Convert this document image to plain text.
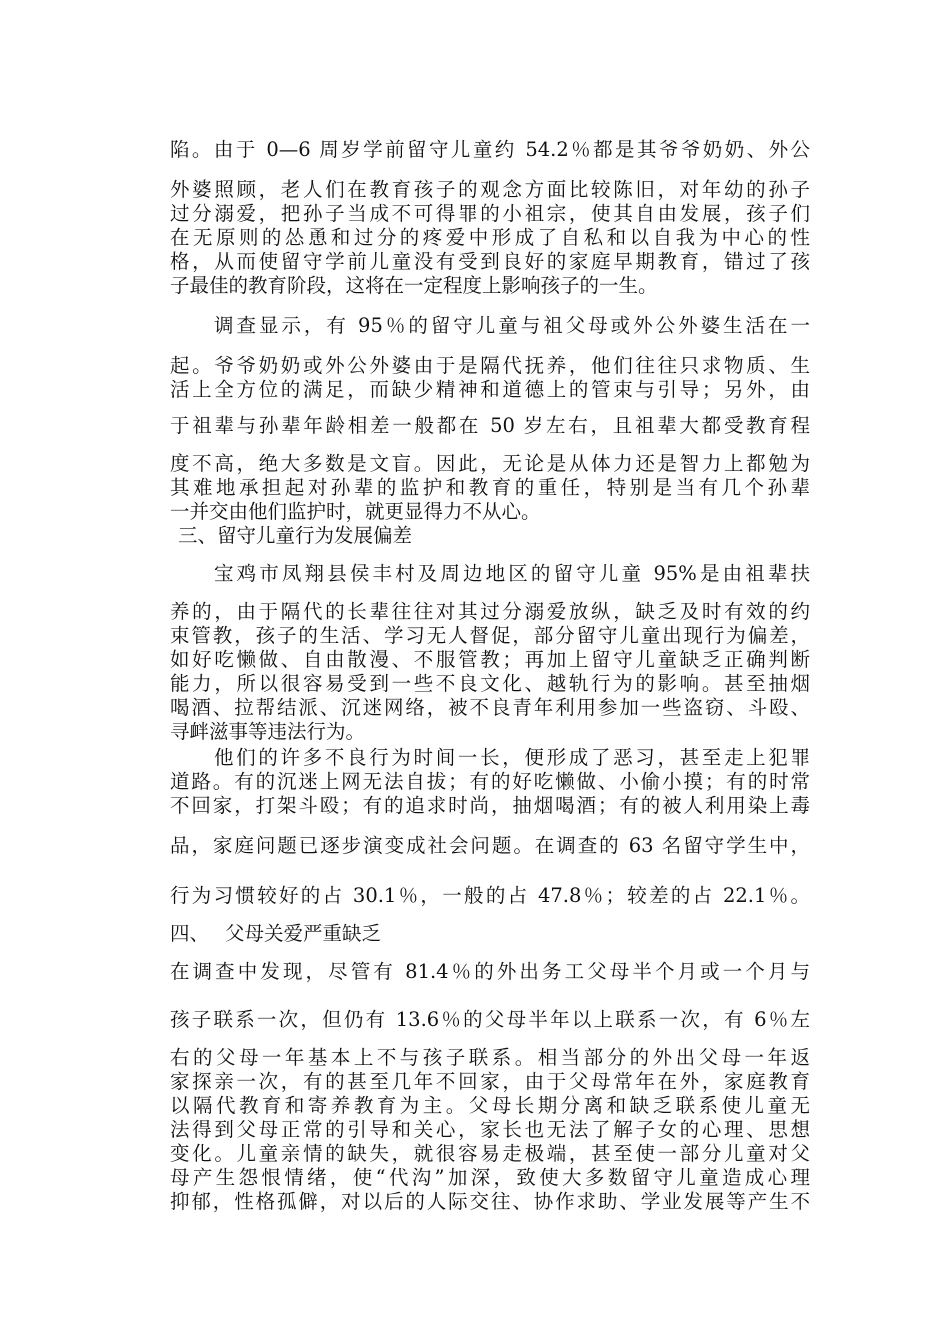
陷。由于 0—6 周岁学前留守儿童约 54.2％都是其爷爷奶奶、外公
外婆照顾，老人们在教育孩子的观念方面比较陈旧，对年幼的孙子
过分溺爱，把孙子当成不可得罪的小祖宗，使其自由发展，孩子们
在无原则的怂恿和过分的疼爱中形成了自私和以自我为中心的性
格，从而使留守学前儿童没有受到良好的家庭早期教育，错过了孩
子最佳的教育阶段，这将在一定程度上影响孩子的一生。
调查显示，有 95％的留守儿童与祖父母或外公外婆生活在一
起。爷爷奶奶或外公外婆由于是隔代抚养，他们往往只求物质、生
活上全方位的满足，而缺少精神和道德上的管束与引导；另外，由
于祖辈与孙辈年龄相差一般都在 50 岁左右，且祖辈大都受教育程
度不高，绝大多数是文盲。因此，无论是从体力还是智力上都勉为
其难地承担起对孙辈的监护和教育的重任，特别是当有几个孙辈
一并交由他们监护时，就更显得力不从心。
三、留守儿童行为发展偏差
宝鸡市凤翔县侯丰村及周边地区的留守儿童 95%是由祖辈扶
养的，由于隔代的长辈往往对其过分溺爱放纵，缺乏及时有效的约
束管教，孩子的生活、学习无人督促，部分留守儿童出现行为偏差，
如好吃懒做、自由散漫、不服管教；再加上留守儿童缺乏正确判断
能力，所以很容易受到一些不良文化、越轨行为的影响。甚至抽烟
喝酒、拉帮结派、沉迷网络，被不良青年利用参加一些盗窃、斗殴、
寻衅滋事等违法行为。
他们的许多不良行为时间一长，便形成了恶习，甚至走上犯罪
道路。有的沉迷上网无法自拔；有的好吃懒做、小偷小摸；有的时常
不回家，打架斗殴；有的追求时尚，抽烟喝酒；有的被人利用染上毒
品，家庭问题已逐步演变成社会问题。在调查的 63 名留守学生中，
行为习惯较好的占 30.1％，一般的占 47.8％；较差的占 22.1％。
四、　 父母关爱严重缺乏
在调查中发现，尽管有 81.4％的外出务工父母半个月或一个月与
孩子联系一次，但仍有 13.6％的父母半年以上联系一次，有 6％左
右的父母一年基本上不与孩子联系。相当部分的外出父母一年返
家探亲一次，有的甚至几年不回家，由于父母常年在外，家庭教育
以隔代教育和寄养教育为主。父母长期分离和缺乏联系使儿童无
法得到父母正常的引导和关心，家长也无法了解子女的心理、思想
变化。儿童亲情的缺失，就很容易走极端，甚至使一部分儿童对父
母产生怨恨情绪，使“代沟”加深，致使大多数留守儿童造成心理
抑郁，性格孤僻，对以后的人际交往、协作求助、学业发展等产生不
